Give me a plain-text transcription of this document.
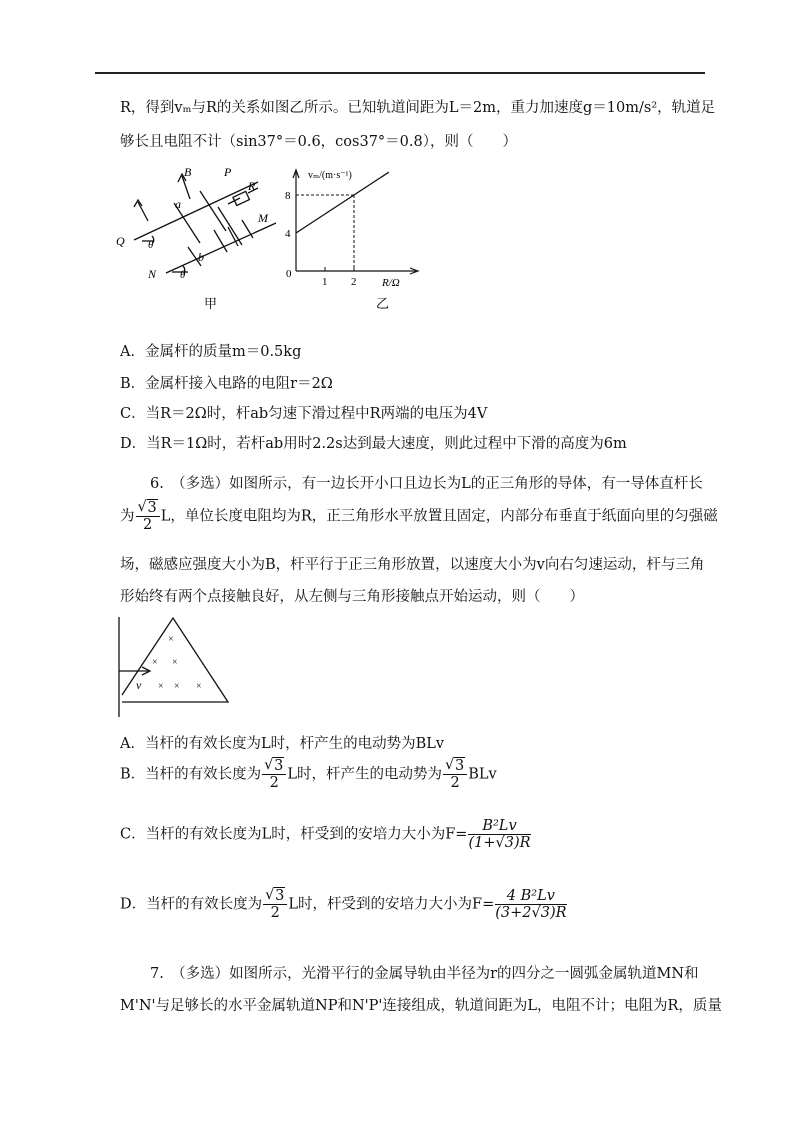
R，得到vₘ与R的关系如图乙所示。已知轨道间距为L＝2m，重力加速度g＝10m/s²，轨道足
够长且电阻不计（sin37°＝0.6，cos37°＝0.8），则（　　）
B	P
R
M
a
b
Q θ
N θ
甲
1 2
4
8
vₘ/(m·s⁻¹)
R/Ω
0
乙
A．金属杆的质量m＝0.5kg
B．金属杆接入电路的电阻r＝2Ω
C．当R＝2Ω时，杆ab匀速下滑过程中R两端的电压为4V
D．当R＝1Ω时，若杆ab用时2.2s达到最大速度，则此过程中下滑的高度为6m
6.　（多选）如图所示，有一边长开小口且边长为L的正三角形的导体，有一导体直杆长
为 √ $\frac{3}{2}$ L，单位长度电阻均为R，正三角形水平放置且固定，内部分布垂直于纸面向里的匀强磁
场，磁感应强度大小为B，杆平行于正三角形放置，以速度大小为v向右匀速运动，杆与三角
形始终有两个点接触良好，从左侧与三角形接触点开始运动，则（　　）
v
×
× ×
× × ×
A．当杆的有效长度为L时，杆产生的电动势为BLv
B．当杆的有效长度为 √ $\frac{3}{2}$ L时，杆产生的电动势为 √ $\frac{3}{2}$ BLv
C．当杆的有效长度为L时，杆受到的安培力大小为$F= \frac{\text{B²Lv}}{(1+√3)R}$
D．当杆的有效长度为 √ $\frac{3}{2}$ L时，杆受到的安培力大小为$F= \frac{\text{4 B²Lv}}{(3+2√3)R}$
7.　（多选）如图所示，光滑平行的金属导轨由半径为r的四分之一圆弧金属轨道MN和
M'N'与足够长的水平金属轨道NP和N'P'连接组成，轨道间距为L，电阻不计；电阻为R，质量
